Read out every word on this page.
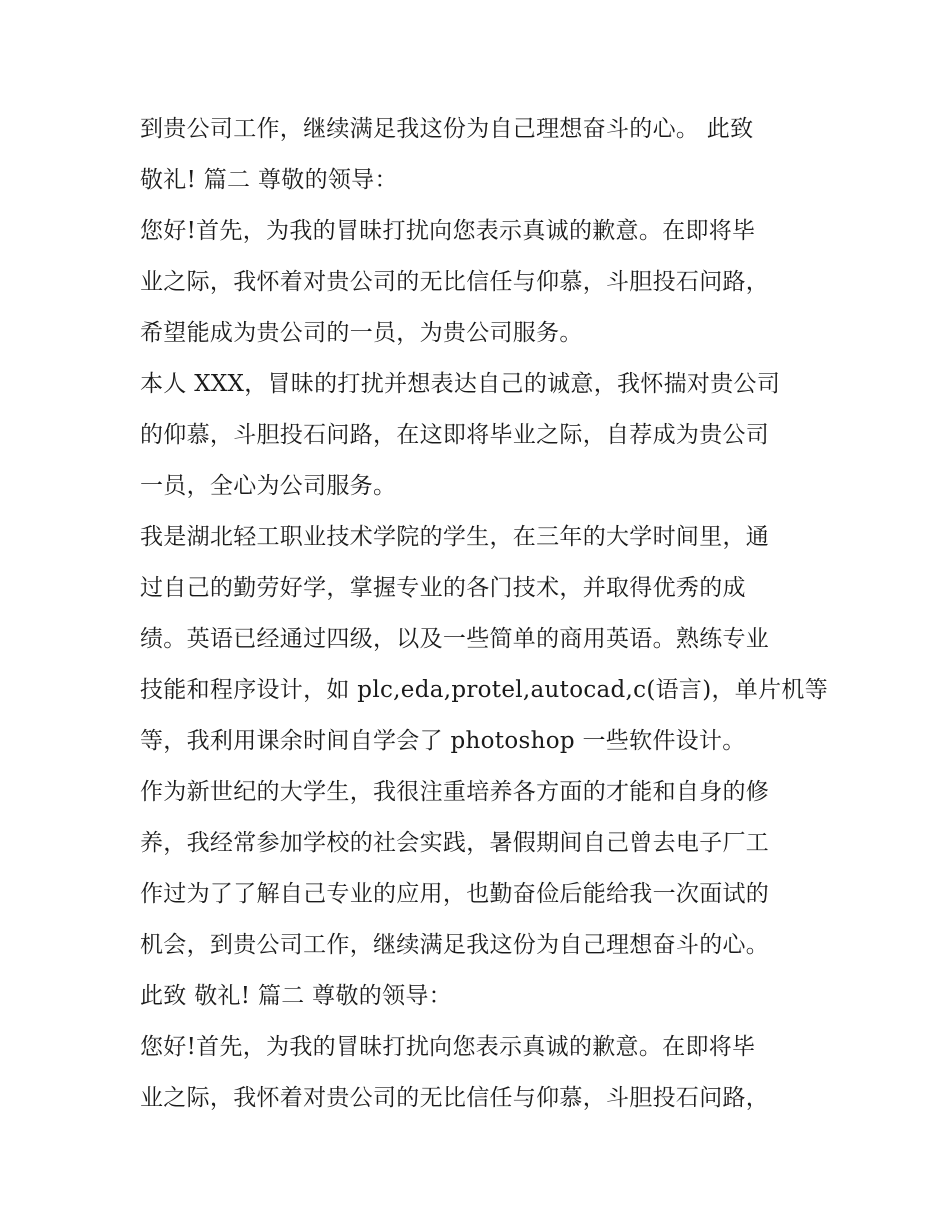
到贵公司工作，继续满足我这份为自己理想奋斗的心。 此致
敬礼! 篇二 尊敬的领导：
您好!首先，为我的冒昧打扰向您表示真诚的歉意。在即将毕
业之际，我怀着对贵公司的无比信任与仰慕，斗胆投石问路，
希望能成为贵公司的一员，为贵公司服务。
本人 XXX，冒昧的打扰并想表达自己的诚意，我怀揣对贵公司
的仰慕，斗胆投石问路，在这即将毕业之际，自荐成为贵公司
一员，全心为公司服务。
我是湖北轻工职业技术学院的学生，在三年的大学时间里，通
过自己的勤劳好学，掌握专业的各门技术，并取得优秀的成
绩。英语已经通过四级，以及一些简单的商用英语。熟练专业
技能和程序设计，如 plc,eda,protel,autocad,c(语言)，单片机等
等，我利用课余时间自学会了 photoshop 一些软件设计。
作为新世纪的大学生，我很注重培养各方面的才能和自身的修
养，我经常参加学校的社会实践，暑假期间自己曾去电子厂工
作过为了了解自己专业的应用，也勤奋俭后能给我一次面试的
机会，到贵公司工作，继续满足我这份为自己理想奋斗的心。
此致 敬礼! 篇二 尊敬的领导：
您好!首先，为我的冒昧打扰向您表示真诚的歉意。在即将毕
业之际，我怀着对贵公司的无比信任与仰慕，斗胆投石问路，
